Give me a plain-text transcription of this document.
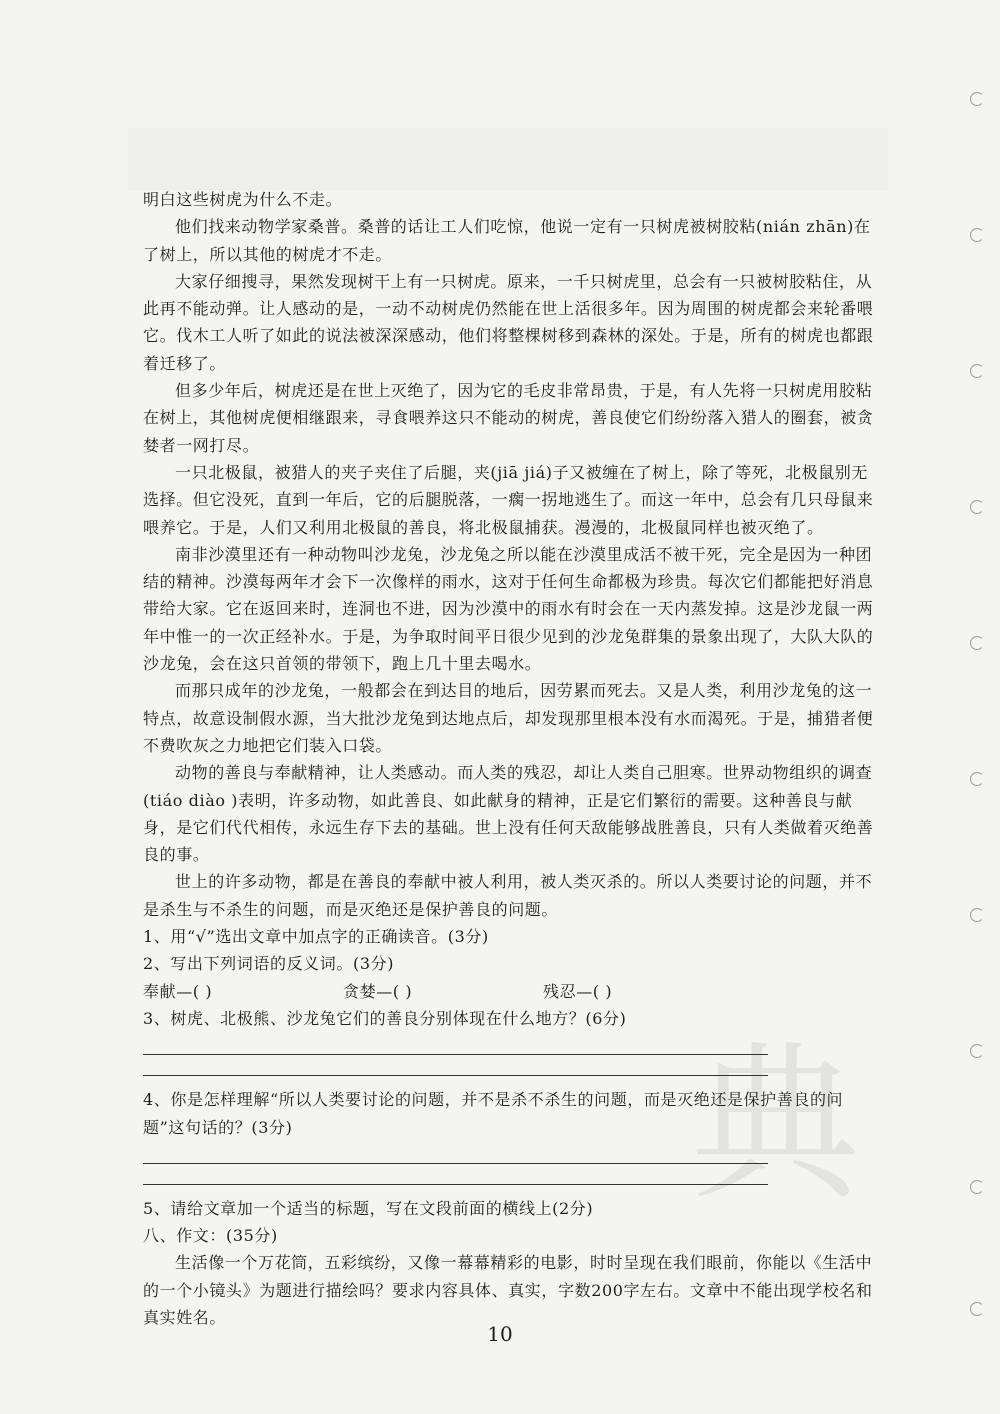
典

明白这些树虎为什么不走。

他们找来动物学家桑普。桑普的话让工人们吃惊，他说一定有一只树虎被树胶粘(nián zhān)在了树上，所以其他的树虎才不走。

大家仔细搜寻，果然发现树干上有一只树虎。原来，一千只树虎里，总会有一只被树胶粘住，从此再不能动弹。让人感动的是，一动不动树虎仍然能在世上活很多年。因为周围的树虎都会来轮番喂它。伐木工人听了如此的说法被深深感动，他们将整棵树移到森林的深处。于是，所有的树虎也都跟着迁移了。

但多少年后，树虎还是在世上灭绝了，因为它的毛皮非常昂贵，于是，有人先将一只树虎用胶粘在树上，其他树虎便相继跟来，寻食喂养这只不能动的树虎，善良使它们纷纷落入猎人的圈套，被贪婪者一网打尽。

一只北极鼠，被猎人的夹子夹住了后腿，夹(jiā jiá)子又被缠在了树上，除了等死，北极鼠别无选择。但它没死，直到一年后，它的后腿脱落，一瘸一拐地逃生了。而这一年中，总会有几只母鼠来喂养它。于是，人们又利用北极鼠的善良，将北极鼠捕获。漫漫的，北极鼠同样也被灭绝了。

南非沙漠里还有一种动物叫沙龙兔，沙龙兔之所以能在沙漠里成活不被干死，完全是因为一种团结的精神。沙漠每两年才会下一次像样的雨水，这对于任何生命都极为珍贵。每次它们都能把好消息带给大家。它在返回来时，连洞也不进，因为沙漠中的雨水有时会在一天内蒸发掉。这是沙龙鼠一两年中惟一的一次正经补水。于是，为争取时间平日很少见到的沙龙兔群集的景象出现了，大队大队的沙龙兔，会在这只首领的带领下，跑上几十里去喝水。

而那只成年的沙龙兔，一般都会在到达目的地后，因劳累而死去。又是人类，利用沙龙兔的这一特点，故意设制假水源，当大批沙龙兔到达地点后，却发现那里根本没有水而渴死。于是，捕猎者便不费吹灰之力地把它们装入口袋。

动物的善良与奉献精神，让人类感动。而人类的残忍，却让人类自己胆寒。世界动物组织的调查(tiáo diào )表明，许多动物，如此善良、如此献身的精神，正是它们繁衍的需要。这种善良与献身，是它们代代相传，永远生存下去的基础。世上没有任何天敌能够战胜善良，只有人类做着灭绝善良的事。

世上的许多动物，都是在善良的奉献中被人利用，被人类灭杀的。所以人类要讨论的问题，并不是杀生与不杀生的问题，而是灭绝还是保护善良的问题。

1、用“√”选出文章中加点字的正确读音。(3分)

2、写出下列词语的反义词。(3分)

奉献—( )	贪婪—( )	残忍—( )

3、树虎、北极熊、沙龙兔它们的善良分别体现在什么地方？(6分)

4、你是怎样理解“所以人类要讨论的问题，并不是杀不杀生的问题，而是灭绝还是保护善良的问题”这句话的？(3分)

5、请给文章加一个适当的标题，写在文段前面的横线上(2分)

八、作文：(35分)

生活像一个万花筒，五彩缤纷，又像一幕幕精彩的电影，时时呈现在我们眼前，你能以《生活中的一个小镜头》为题进行描绘吗？要求内容具体、真实，字数200字左右。文章中不能出现学校名和真实姓名。

10
